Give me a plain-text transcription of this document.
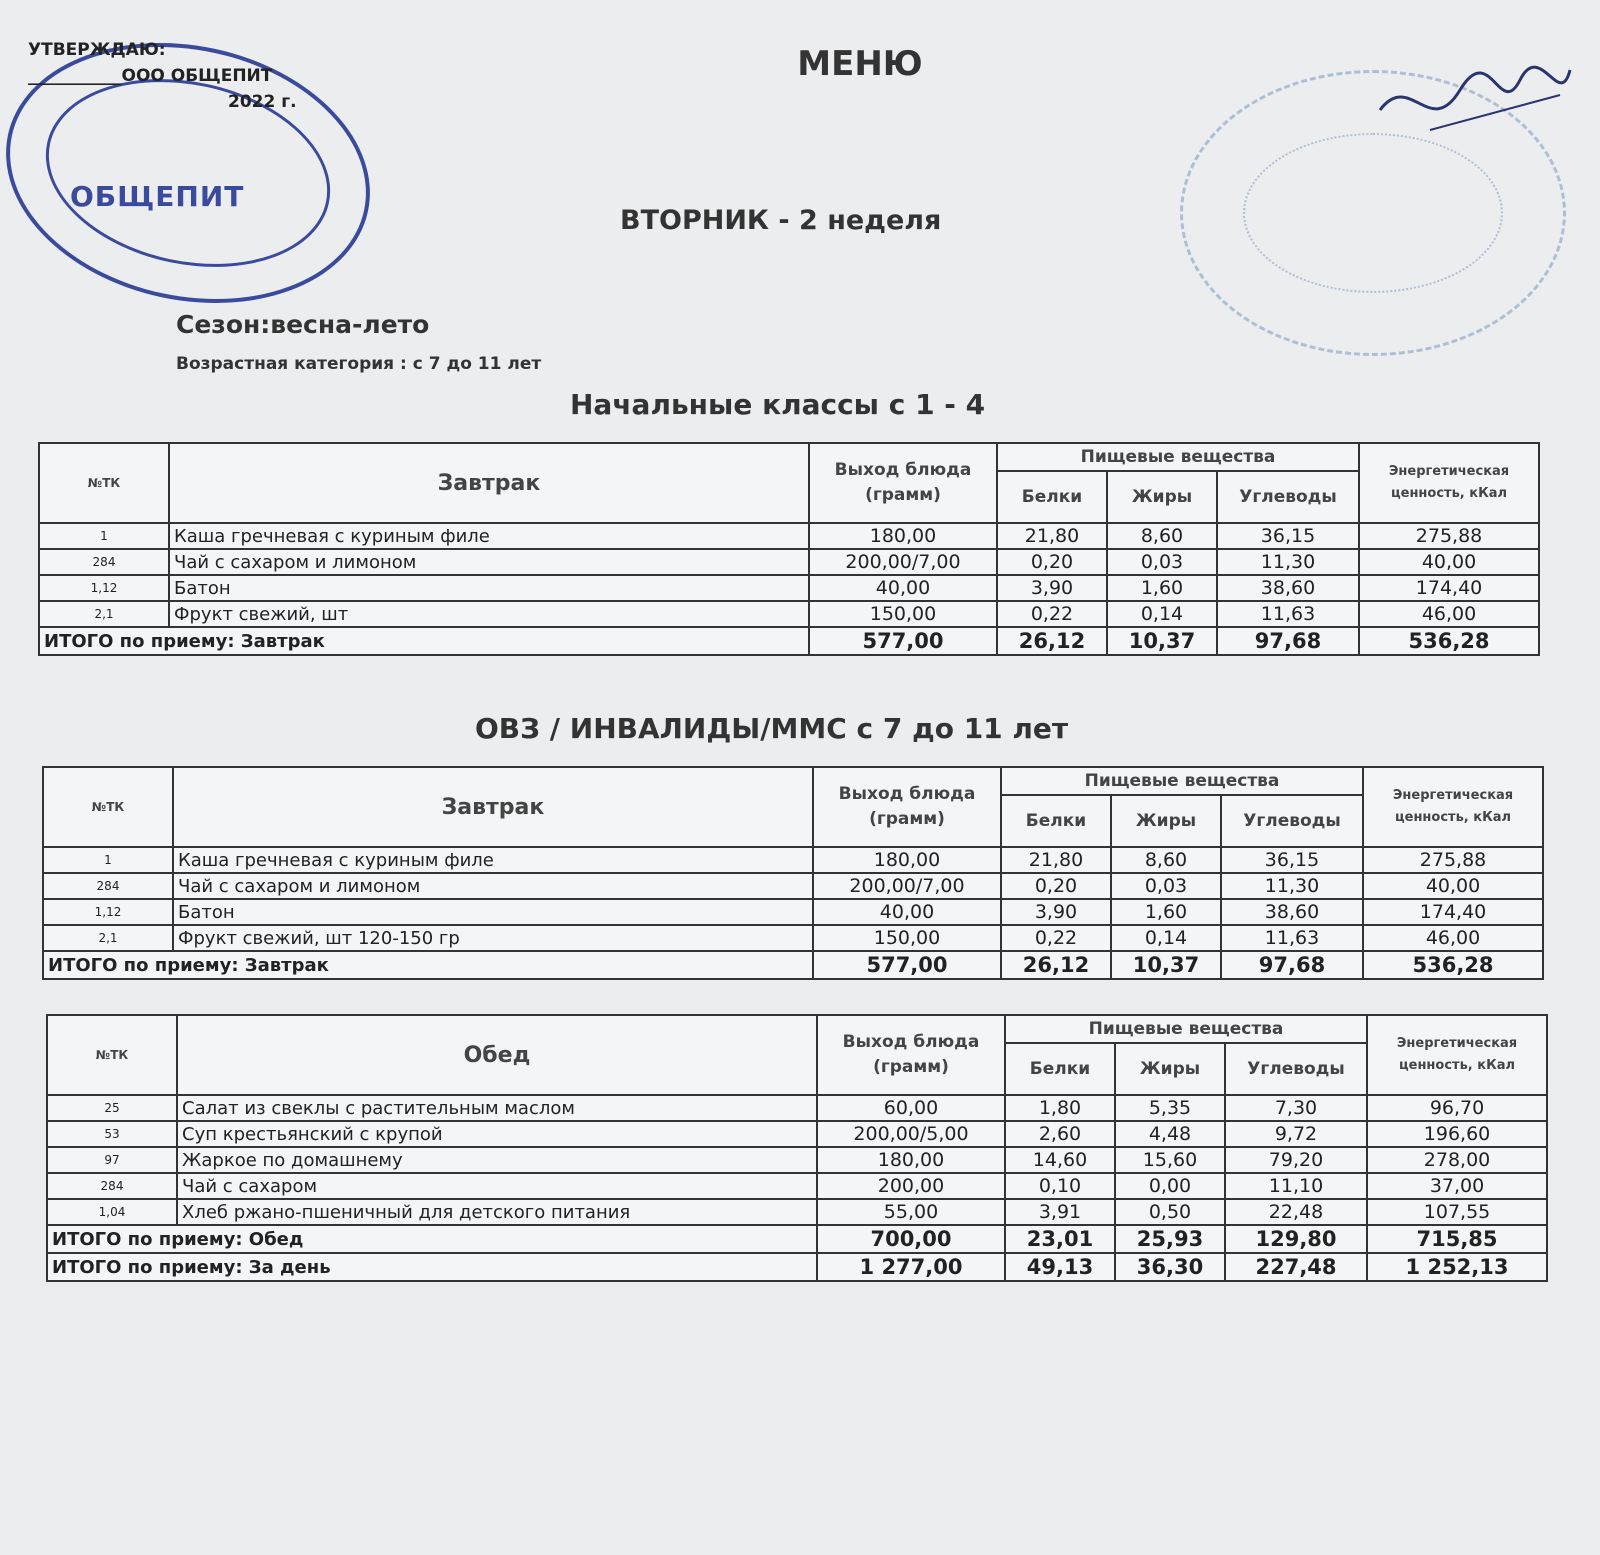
ОБЩЕПИТ
УТВЕРЖДАЮ:
___________ООО ОБЩЕПИТ
2022 г.
МЕНЮ
ВТОРНИК - 2 неделя
Сезон:весна-лето
Возрастная категория : с 7 до 11 лет
Начальные классы с 1 - 4
ОВЗ / ИНВАЛИДЫ/ММС с 7 до 11 лет
№ТК	Завтрак	Выход блюда (грамм)	Пищевые вещества			Энергетическая ценность, кКал
			Белки	Жиры	Углеводы	
1	Каша гречневая с куриным филе	180,00	21,80	8,60	36,15	275,88
284	Чай с сахаром и лимоном	200,00/7,00	0,20	0,03	11,30	40,00
1,12	Батон	40,00	3,90	1,60	38,60	174,40
2,1	Фрукт свежий, шт	150,00	0,22	0,14	11,63	46,00
ИТОГО по приему: Завтрак		577,00	26,12	10,37	97,68	536,28
№ТК	Завтрак	Выход блюда (грамм)	Пищевые вещества			Энергетическая ценность, кКал
			Белки	Жиры	Углеводы	
1	Каша гречневая с куриным филе	180,00	21,80	8,60	36,15	275,88
284	Чай с сахаром и лимоном	200,00/7,00	0,20	0,03	11,30	40,00
1,12	Батон	40,00	3,90	1,60	38,60	174,40
2,1	Фрукт свежий, шт 120-150 гр	150,00	0,22	0,14	11,63	46,00
ИТОГО по приему: Завтрак		577,00	26,12	10,37	97,68	536,28
№ТК	Обед	Выход блюда (грамм)	Пищевые вещества			Энергетическая ценность, кКал
			Белки	Жиры	Углеводы	
25	Салат из свеклы с растительным маслом	60,00	1,80	5,35	7,30	96,70
53	Суп крестьянский с крупой	200,00/5,00	2,60	4,48	9,72	196,60
97	Жаркое по домашнему	180,00	14,60	15,60	79,20	278,00
284	Чай с сахаром	200,00	0,10	0,00	11,10	37,00
1,04	Хлеб ржано-пшеничный для детского питания	55,00	3,91	0,50	22,48	107,55
ИТОГО по приему: Обед		700,00	23,01	25,93	129,80	715,85
ИТОГО по приему: За день		1 277,00	49,13	36,30	227,48	1 252,13
